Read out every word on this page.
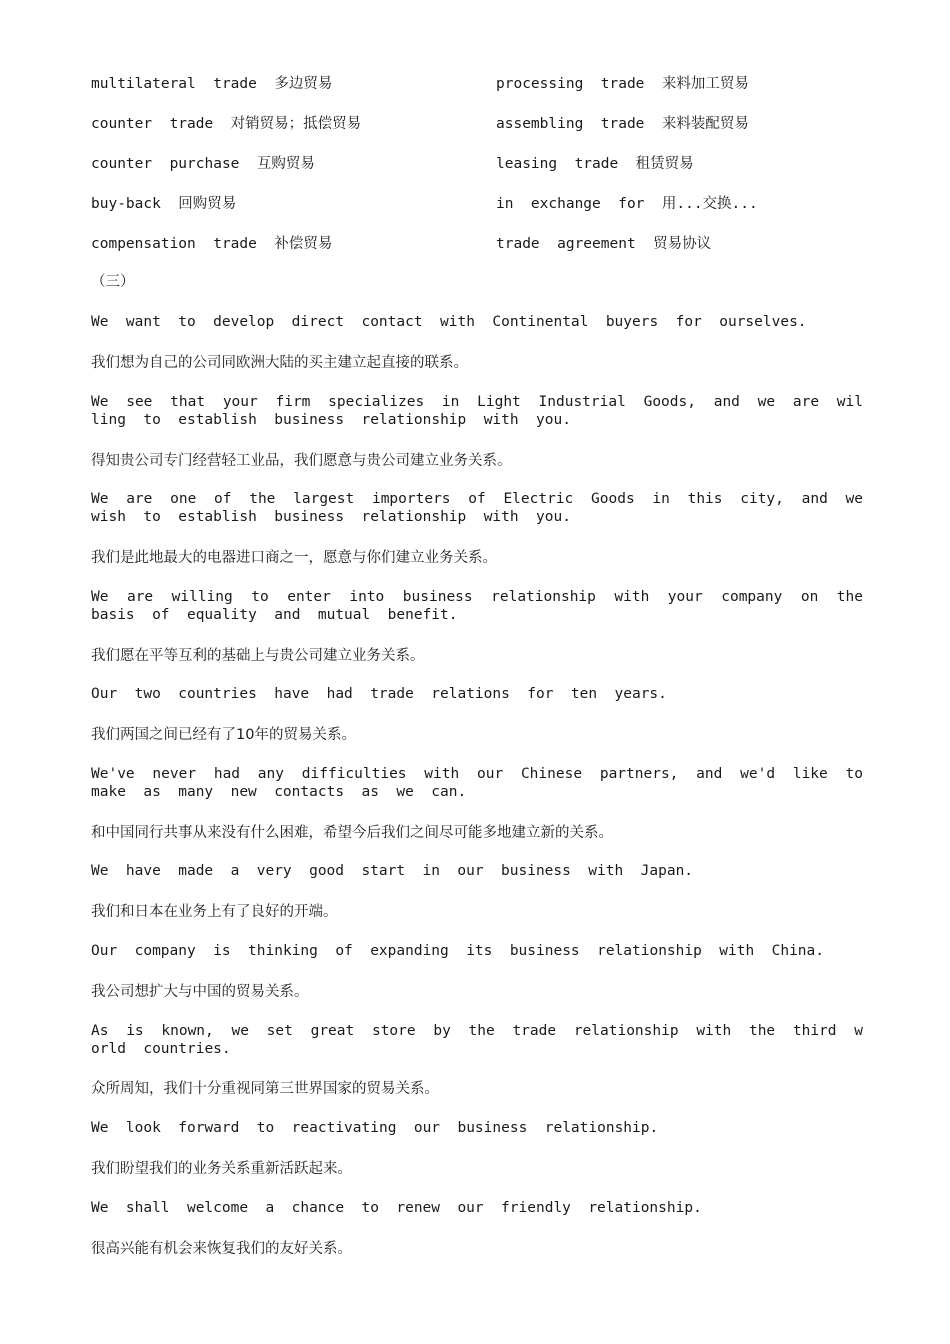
multilateral  trade  多边贸易	processing  trade  来料加工贸易
counter  trade  对销贸易；抵偿贸易	assembling  trade  来料装配贸易
counter  purchase  互购贸易	leasing  trade  租赁贸易
buy-back  回购贸易	in  exchange  for  用...交换...
compensation  trade  补偿贸易	trade  agreement  贸易协议
（三）
We want to develop direct contact with Continental buyers for ourselves.
我们想为自己的公司同欧洲大陆的买主建立起直接的联系。
We see that your firm specializes in Light Industrial Goods, and we are willing to establish business relationship with you.
得知贵公司专门经营轻工业品，我们愿意与贵公司建立业务关系。
We are one of the largest importers of Electric Goods in this city, and we wish to establish business relationship with you.
我们是此地最大的电器进口商之一，愿意与你们建立业务关系。
We are willing to enter into business relationship with your company on the basis of equality and mutual benefit.
我们愿在平等互利的基础上与贵公司建立业务关系。
Our two countries have had trade relations for ten years.
我们两国之间已经有了10年的贸易关系。
We've never had any difficulties with our Chinese partners, and we'd like to make as many new contacts as we can.
和中国同行共事从来没有什么困难，希望今后我们之间尽可能多地建立新的关系。
We have made a very good start in our business with Japan.
我们和日本在业务上有了良好的开端。
Our company is thinking of expanding its business relationship with China.
我公司想扩大与中国的贸易关系。
As is known, we set great store by the trade relationship with the third world countries.
众所周知，我们十分重视同第三世界国家的贸易关系。
We look forward to reactivating our business relationship.
我们盼望我们的业务关系重新活跃起来。
We shall welcome a chance to renew our friendly relationship.
很高兴能有机会来恢复我们的友好关系。
